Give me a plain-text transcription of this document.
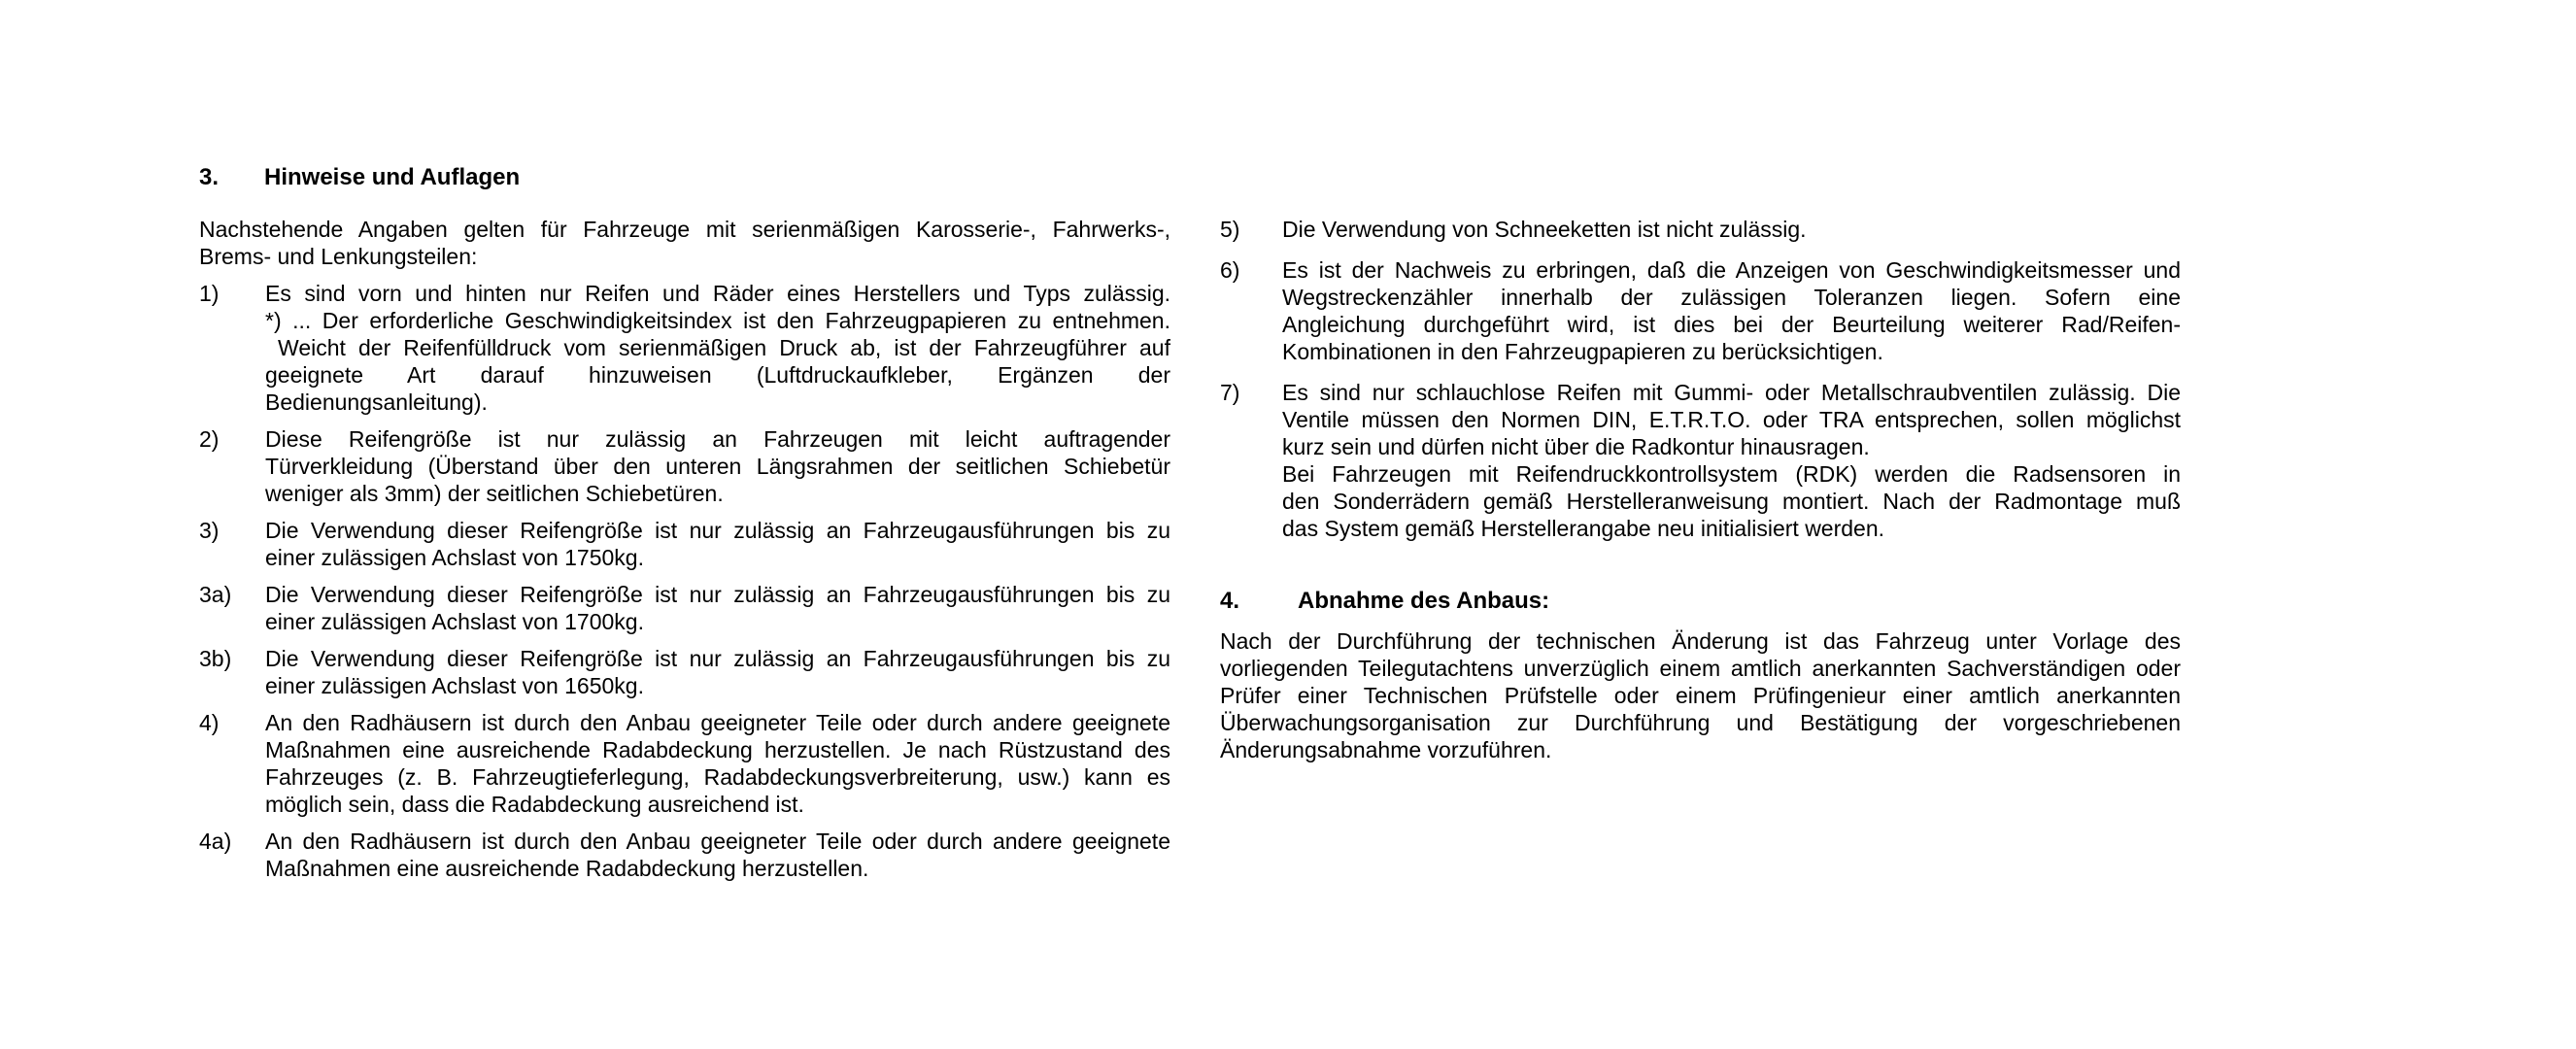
3.	Hinweise und Auflagen
Nachstehende Angaben gelten für Fahrzeuge mit serienmäßigen Karosserie-, Fahrwerks-,
Brems- und Lenkungsteilen:
1)	Es sind vorn und hinten nur Reifen und Räder eines Herstellers und Typs zulässig.
*) ... Der erforderliche Geschwindigkeitsindex ist den Fahrzeugpapieren zu entnehmen.
Weicht der Reifenfülldruck vom serienmäßigen Druck ab, ist der Fahrzeugführer auf
geeignete Art darauf hinzuweisen (Luftdruckaufkleber, Ergänzen der
Bedienungsanleitung).
2)	Diese Reifengröße ist nur zulässig an Fahrzeugen mit leicht auftragender
Türverkleidung (Überstand über den unteren Längsrahmen der seitlichen Schiebetür
weniger als 3mm) der seitlichen Schiebetüren.
3)	Die Verwendung dieser Reifengröße ist nur zulässig an Fahrzeugausführungen bis zu
einer zulässigen Achslast von 1750kg.
3a)	Die Verwendung dieser Reifengröße ist nur zulässig an Fahrzeugausführungen bis zu
einer zulässigen Achslast von 1700kg.
3b)	Die Verwendung dieser Reifengröße ist nur zulässig an Fahrzeugausführungen bis zu
einer zulässigen Achslast von 1650kg.
4)	An den Radhäusern ist durch den Anbau geeigneter Teile oder durch andere geeignete
Maßnahmen eine ausreichende Radabdeckung herzustellen. Je nach Rüstzustand des
Fahrzeuges (z. B. Fahrzeugtieferlegung, Radabdeckungsverbreiterung, usw.) kann es
möglich sein, dass die Radabdeckung ausreichend ist.
4a)	An den Radhäusern ist durch den Anbau geeigneter Teile oder durch andere geeignete
Maßnahmen eine ausreichende Radabdeckung herzustellen.
5)	Die Verwendung von Schneeketten ist nicht zulässig.
6)	Es ist der Nachweis zu erbringen, daß die Anzeigen von Geschwindigkeitsmesser und
Wegstreckenzähler innerhalb der zulässigen Toleranzen liegen. Sofern eine
Angleichung durchgeführt wird, ist dies bei der Beurteilung weiterer Rad/Reifen-
Kombinationen in den Fahrzeugpapieren zu berücksichtigen.
7)	Es sind nur schlauchlose Reifen mit Gummi- oder Metallschraubventilen zulässig. Die
Ventile müssen den Normen DIN, E.T.R.T.O. oder TRA entsprechen, sollen möglichst
kurz sein und dürfen nicht über die Radkontur hinausragen.
Bei Fahrzeugen mit Reifendruckkontrollsystem (RDK) werden die Radsensoren in
den Sonderrädern gemäß Herstelleranweisung montiert. Nach der Radmontage muß
das System gemäß Herstellerangabe neu initialisiert werden.
4.	Abnahme des Anbaus:
Nach der Durchführung der technischen Änderung ist das Fahrzeug unter Vorlage des
vorliegenden Teilegutachtens unverzüglich einem amtlich anerkannten Sachverständigen oder
Prüfer einer Technischen Prüfstelle oder einem Prüfingenieur einer amtlich anerkannten
Überwachungsorganisation zur Durchführung und Bestätigung der vorgeschriebenen
Änderungsabnahme vorzuführen.
